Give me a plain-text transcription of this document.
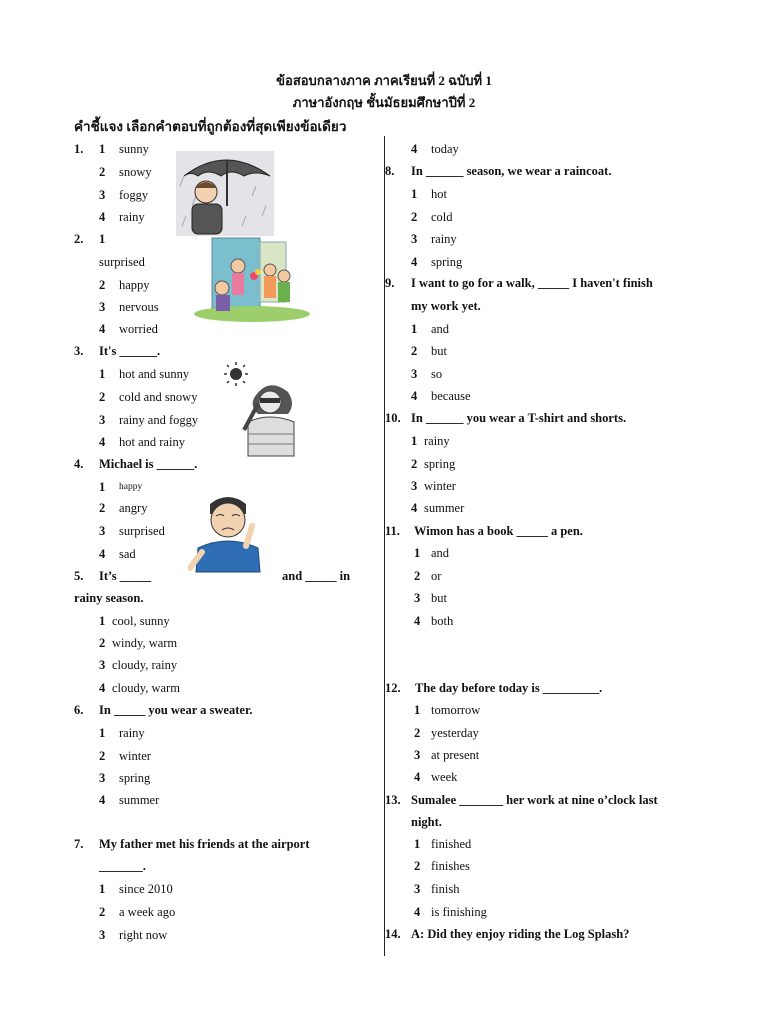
ข้อสอบกลางภาค ภาคเรียนที่ 2 ฉบับที่ 1
ภาษาอังกฤษ ชั้นมัธยมศึกษาปีที่ 2
คำชี้แจง เลือกคำตอบที่ถูกต้องที่สุดเพียงข้อเดียว
1. 1 sunny
2 snowy
3 foggy
4 rainy
2. 1
surprised
2 happy
3 nervous
4 worried
3. It's ______.
1 hot and sunny
2 cold and snowy
3 rainy and foggy
4 hot and rainy
4. Michael is ______.
1 happy
2 angry
3 surprised
4 sad
5. It’s _____	and _____ in
rainy season.
1 cool, sunny
2 windy, warm
3 cloudy, rainy
4 cloudy, warm
6. In _____ you wear a sweater.
1 rainy
2 winter
3 spring
4 summer
7. My father met his friends at the airport
_______.
1 since 2010
2 a week ago
3 right now
4 today
8. In ______ season, we wear a raincoat.
1 hot
2 cold
3 rainy
4 spring
9. I want to go for a walk, _____ I haven't finish
my work yet.
1 and
2 but
3 so
4 because
10. In ______ you wear a T-shirt and shorts.
1 rainy
2 spring
3 winter
4 summer
11. Wimon has a book _____ a pen.
1 and
2 or
3 but
4 both
12. The day before today is _________.
1 tomorrow
2 yesterday
3 at present
4 week
13. Sumalee _______ her work at nine o’clock last
night.
1 finished
2 finishes
3 finish
4 is finishing
14. A: Did they enjoy riding the Log Splash?
